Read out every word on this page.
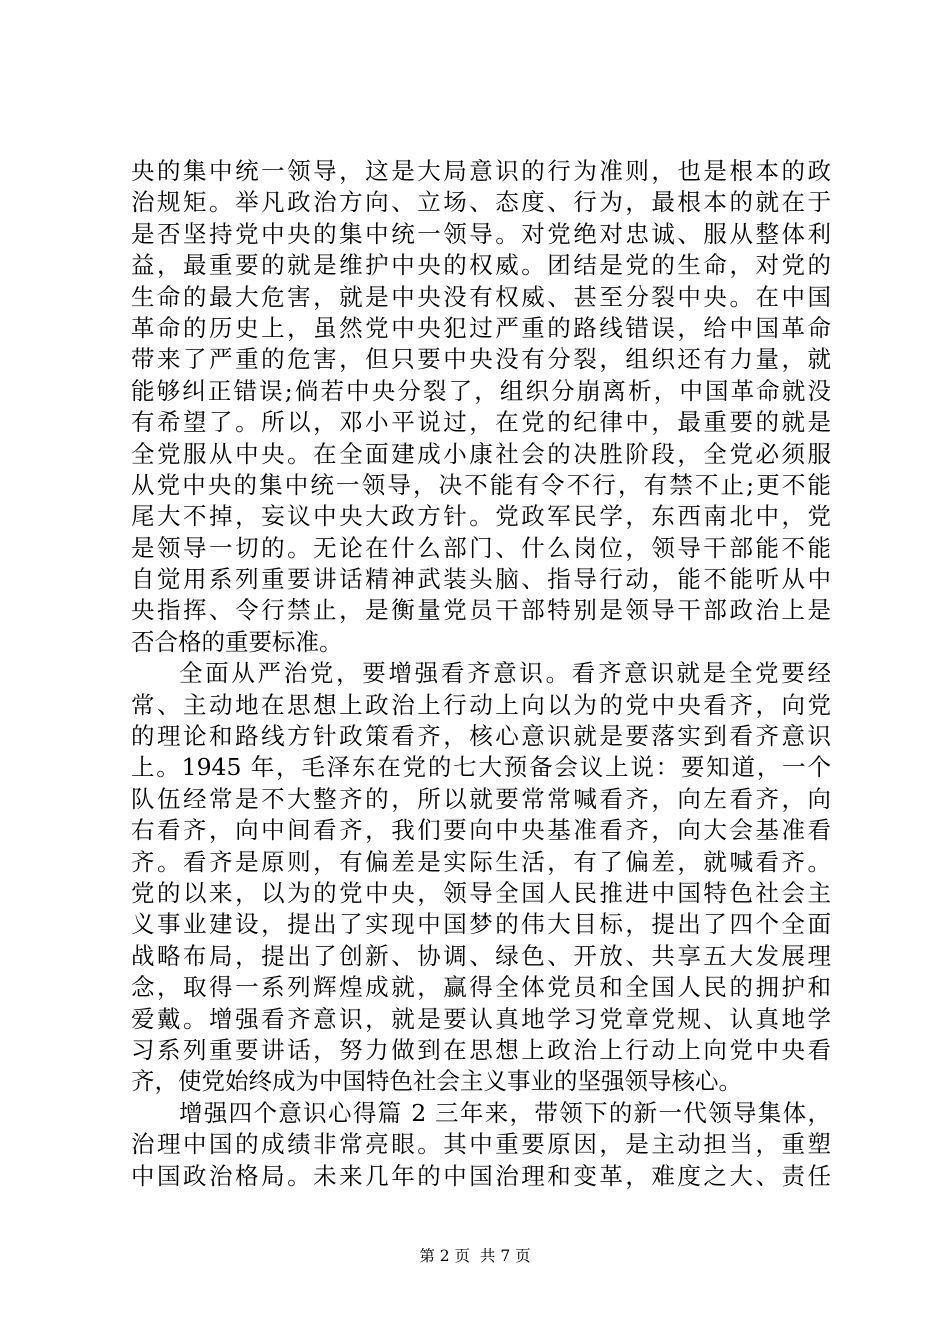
央的集中统一领导，这是大局意识的行为准则，也是根本的政
治规矩。举凡政治方向、立场、态度、行为，最根本的就在于
是否坚持党中央的集中统一领导。对党绝对忠诚、服从整体利
益，最重要的就是维护中央的权威。团结是党的生命，对党的
生命的最大危害，就是中央没有权威、甚至分裂中央。在中国
革命的历史上，虽然党中央犯过严重的路线错误，给中国革命
带来了严重的危害，但只要中央没有分裂，组织还有力量，就
能够纠正错误;倘若中央分裂了，组织分崩离析，中国革命就没
有希望了。所以，邓小平说过，在党的纪律中，最重要的就是
全党服从中央。在全面建成小康社会的决胜阶段，全党必须服
从党中央的集中统一领导，决不能有令不行，有禁不止;更不能
尾大不掉，妄议中央大政方针。党政军民学，东西南北中，党
是领导一切的。无论在什么部门、什么岗位，领导干部能不能
自觉用系列重要讲话精神武装头脑、指导行动，能不能听从中
央指挥、令行禁止，是衡量党员干部特别是领导干部政治上是
否合格的重要标准。
全面从严治党，要增强看齐意识。看齐意识就是全党要经
常、主动地在思想上政治上行动上向以为的党中央看齐，向党
的理论和路线方针政策看齐，核心意识就是要落实到看齐意识
上。1945 年，毛泽东在党的七大预备会议上说：要知道，一个
队伍经常是不大整齐的，所以就要常常喊看齐，向左看齐，向
右看齐，向中间看齐，我们要向中央基准看齐，向大会基准看
齐。看齐是原则，有偏差是实际生活，有了偏差，就喊看齐。
党的以来，以为的党中央，领导全国人民推进中国特色社会主
义事业建设，提出了实现中国梦的伟大目标，提出了四个全面
战略布局，提出了创新、协调、绿色、开放、共享五大发展理
念，取得一系列辉煌成就，赢得全体党员和全国人民的拥护和
爱戴。增强看齐意识，就是要认真地学习党章党规、认真地学
习系列重要讲话，努力做到在思想上政治上行动上向党中央看
齐，使党始终成为中国特色社会主义事业的坚强领导核心。
增强四个意识心得篇 2 三年来，带领下的新一代领导集体，
治理中国的成绩非常亮眼。其中重要原因，是主动担当，重塑
中国政治格局。未来几年的中国治理和变革，难度之大、责任
第 2 页  共 7 页
